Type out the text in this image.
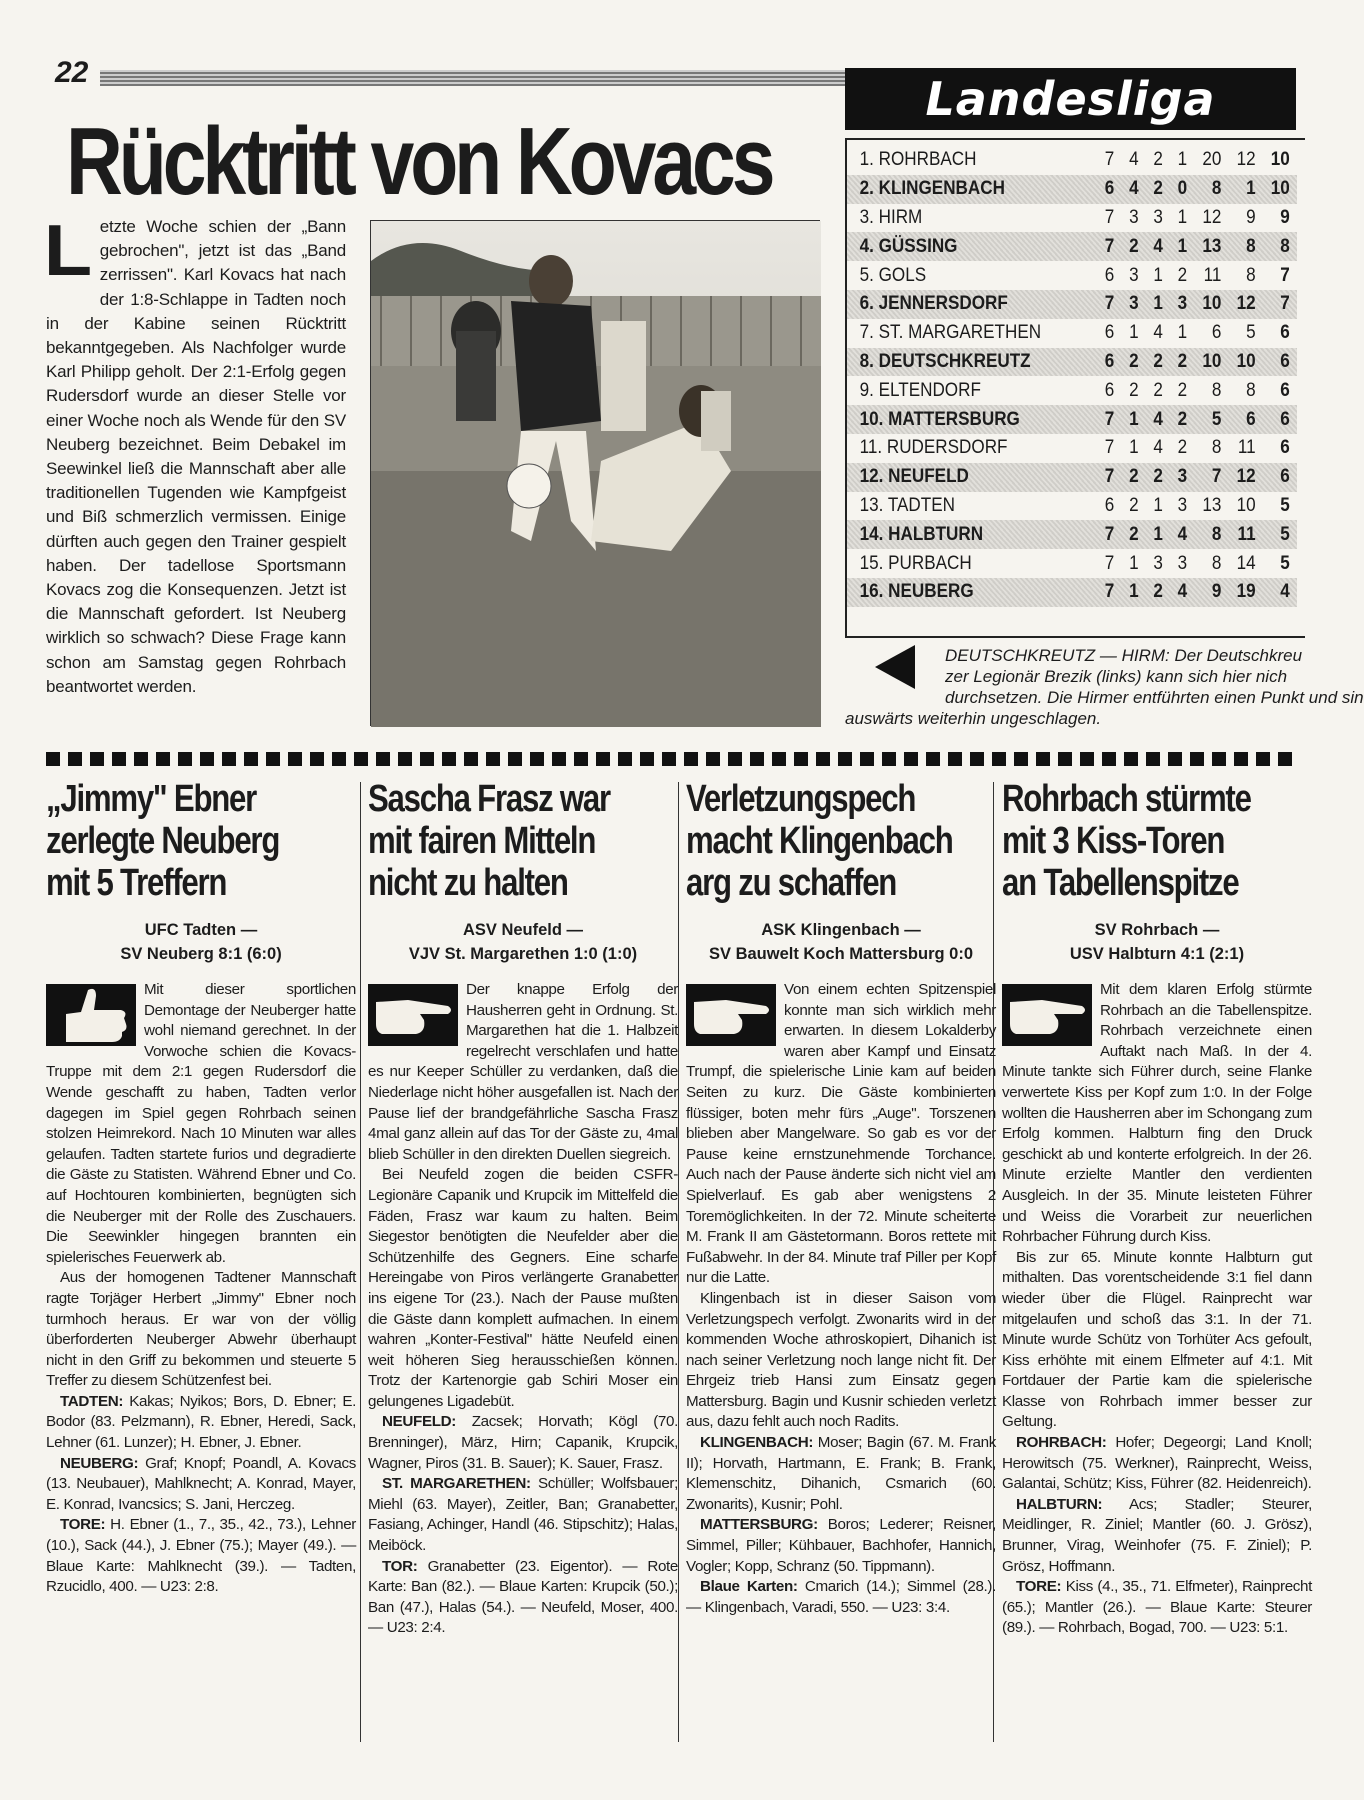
22
Rücktritt von Kovacs
Letzte Woche schien der „Bann gebrochen", jetzt ist das „Band zerrissen". Karl Kovacs hat nach der 1:8-Schlappe in Tadten noch in der Kabine seinen Rücktritt bekanntgegeben. Als Nachfolger wurde Karl Philipp geholt. Der 2:1-Erfolg gegen Rudersdorf wurde an dieser Stelle vor einer Woche noch als Wende für den SV Neuberg bezeichnet. Beim Debakel im Seewinkel ließ die Mannschaft aber alle traditionellen Tugenden wie Kampfgeist und Biß schmerzlich vermissen. Einige dürften auch gegen den Trainer gespielt haben. Der tadellose Sportsmann Kovacs zog die Konsequenzen. Jetzt ist die Mannschaft gefordert. Ist Neuberg wirklich so schwach? Diese Frage kann schon am Samstag gegen Rohrbach beantwortet werden.
Landesliga
1. ROHRBACH	7 4 2 1 20 12 10
2. KLINGENBACH	6 4 2 0	8	1 10
3. HIRM	7 3 3 1 12	9	9
4. GÜSSING	7 2 4 1 13	8	8
5. GOLS	6 3 1 2 11	8	7
6. JENNERSDORF	7 3 1 3 10 12	7
7. ST. MARGARETHEN	6 1 4 1	6	5	6
8. DEUTSCHKREUTZ	6 2 2 2 10 10	6
9. ELTENDORF	6 2 2 2	8	8	6
10. MATTERSBURG	7 1 4 2	5	6	6
11. RUDERSDORF	7 1 4 2	8 11	6
12. NEUFELD	7 2 2 3	7 12	6
13. TADTEN	6 2 1 3 13 10	5
14. HALBTURN	7 2 1 4	8 11	5
15. PURBACH	7 1 3 3	8 14	5
16. NEUBERG	7 1 2 4	9 19	4
DEUTSCHKREUTZ — HIRM: Der Deutschkreu
zer Legionär Brezik (links) kann sich hier nich
durchsetzen. Die Hirmer entführten einen Punkt und sin
auswärts weiterhin ungeschlagen.
„Jimmy" Ebner
zerlegte Neuberg
mit 5 Treffern
UFC Tadten —
SV Neuberg 8:1 (6:0)

Mit dieser sportlichen Demontage der Neuberger hatte wohl niemand gerechnet. In der Vorwoche schien die Kovacs-Truppe mit dem 2:1 gegen Rudersdorf die Wende geschafft zu haben, Tadten verlor dagegen im Spiel gegen Rohrbach seinen stolzen Heimrekord. Nach 10 Minuten war alles gelaufen. Tadten startete furios und degradierte die Gäste zu Statisten. Während Ebner und Co. auf Hochtouren kombinierten, begnügten sich die Neuberger mit der Rolle des Zuschauers. Die Seewinkler hingegen brannten ein spielerisches Feuerwerk ab.

Aus der homogenen Tadtener Mannschaft ragte Torjäger Herbert „Jimmy" Ebner noch turmhoch heraus. Er war von der völlig überforderten Neuberger Abwehr überhaupt nicht in den Griff zu bekommen und steuerte 5 Treffer zu diesem Schützenfest bei.

TADTEN: Kakas; Nyikos; Bors, D. Ebner; E. Bodor (83. Pelzmann), R. Ebner, Heredi, Sack, Lehner (61. Lunzer); H. Ebner, J. Ebner.

NEUBERG: Graf; Knopf; Poandl, A. Kovacs (13. Neubauer), Mahlknecht; A. Konrad, Mayer, E. Konrad, Ivancsics; S. Jani, Herczeg.

TORE: H. Ebner (1., 7., 35., 42., 73.), Lehner (10.), Sack (44.), J. Ebner (75.); Mayer (49.). — Blaue Karte: Mahlknecht (39.). — Tadten, Rzucidlo, 400. — U23: 2:8.

Sascha Frasz war
mit fairen Mitteln
nicht zu halten
ASV Neufeld —
VJV St. Margarethen 1:0 (1:0)

Der knappe Erfolg der Hausherren geht in Ordnung. St. Margarethen hat die 1. Halbzeit regelrecht verschlafen und hatte es nur Keeper Schüller zu verdanken, daß die Niederlage nicht höher ausgefallen ist. Nach der Pause lief der brandgefährliche Sascha Frasz 4mal ganz allein auf das Tor der Gäste zu, 4mal blieb Schüller in den direkten Duellen siegreich.

Bei Neufeld zogen die beiden CSFR-Legionäre Capanik und Krupcik im Mittelfeld die Fäden, Frasz war kaum zu halten. Beim Siegestor benötigten die Neufelder aber die Schützenhilfe des Gegners. Eine scharfe Hereingabe von Piros verlängerte Granabetter ins eigene Tor (23.). Nach der Pause mußten die Gäste dann komplett aufmachen. In einem wahren „Konter-Festival" hätte Neufeld einen weit höheren Sieg herausschießen können. Trotz der Kartenorgie gab Schiri Moser ein gelungenes Ligadebüt.

NEUFELD: Zacsek; Horvath; Kögl (70. Brenninger), März, Hirn; Capanik, Krupcik, Wagner, Piros (31. B. Sauer); K. Sauer, Frasz.

ST. MARGARETHEN: Schüller; Wolfsbauer; Miehl (63. Mayer), Zeitler, Ban; Granabetter, Fasiang, Achinger, Handl (46. Stipschitz); Halas, Meiböck.

TOR: Granabetter (23. Eigentor). — Rote Karte: Ban (82.). — Blaue Karten: Krupcik (50.); Ban (47.), Halas (54.). — Neufeld, Moser, 400. — U23: 2:4.

Verletzungspech
macht Klingenbach
arg zu schaffen
ASK Klingenbach —
SV Bauwelt Koch Mattersburg 0:0

Von einem echten Spitzenspiel konnte man sich wirklich mehr erwarten. In diesem Lokalderby waren aber Kampf und Einsatz Trumpf, die spielerische Linie kam auf beiden Seiten zu kurz. Die Gäste kombinierten flüssiger, boten mehr fürs „Auge". Torszenen blieben aber Mangelware. So gab es vor der Pause keine ernstzunehmende Torchance. Auch nach der Pause änderte sich nicht viel am Spielverlauf. Es gab aber wenigstens 2 Toremöglichkeiten. In der 72. Minute scheiterte M. Frank II am Gästetormann. Boros rettete mit Fußabwehr. In der 84. Minute traf Piller per Kopf nur die Latte.

Klingenbach ist in dieser Saison vom Verletzungspech verfolgt. Zwonarits wird in der kommenden Woche athroskopiert, Dihanich ist nach seiner Verletzung noch lange nicht fit. Der Ehrgeiz trieb Hansi zum Einsatz gegen Mattersburg. Bagin und Kusnir schieden verletzt aus, dazu fehlt auch noch Radits.

KLINGENBACH: Moser; Bagin (67. M. Frank II); Horvath, Hartmann, E. Frank; B. Frank, Klemenschitz, Dihanich, Csmarich (60. Zwonarits), Kusnir; Pohl.

MATTERSBURG: Boros; Lederer; Reisner, Simmel, Piller; Kühbauer, Bachhofer, Hannich, Vogler; Kopp, Schranz (50. Tippmann).

Blaue Karten: Cmarich (14.); Simmel (28.). — Klingenbach, Varadi, 550. — U23: 3:4.

Rohrbach stürmte
mit 3 Kiss-Toren
an Tabellenspitze
SV Rohrbach —
USV Halbturn 4:1 (2:1)

Mit dem klaren Erfolg stürmte Rohrbach an die Tabellenspitze. Rohrbach verzeichnete einen Auftakt nach Maß. In der 4. Minute tankte sich Führer durch, seine Flanke verwertete Kiss per Kopf zum 1:0. In der Folge wollten die Hausherren aber im Schongang zum Erfolg kommen. Halbturn fing den Druck geschickt ab und konterte erfolgreich. In der 26. Minute erzielte Mantler den verdienten Ausgleich. In der 35. Minute leisteten Führer und Weiss die Vorarbeit zur neuerlichen Rohrbacher Führung durch Kiss.

Bis zur 65. Minute konnte Halbturn gut mithalten. Das vorentscheidende 3:1 fiel dann wieder über die Flügel. Rainprecht war mitgelaufen und schoß das 3:1. In der 71. Minute wurde Schütz von Torhüter Acs gefoult, Kiss erhöhte mit einem Elfmeter auf 4:1. Mit Fortdauer der Partie kam die spielerische Klasse von Rohrbach immer besser zur Geltung.

ROHRBACH: Hofer; Degeorgi; Land Knoll; Herowitsch (75. Werkner), Rainprecht, Weiss, Galantai, Schütz; Kiss, Führer (82. Heidenreich).

HALBTURN: Acs; Stadler; Steurer, Meidlinger, R. Ziniel; Mantler (60. J. Grösz), Brunner, Virag, Weinhofer (75. F. Ziniel); P. Grösz, Hoffmann.

TORE: Kiss (4., 35., 71. Elfmeter), Rainprecht (65.); Mantler (26.). — Blaue Karte: Steurer (89.). — Rohrbach, Bogad, 700. — U23: 5:1.
